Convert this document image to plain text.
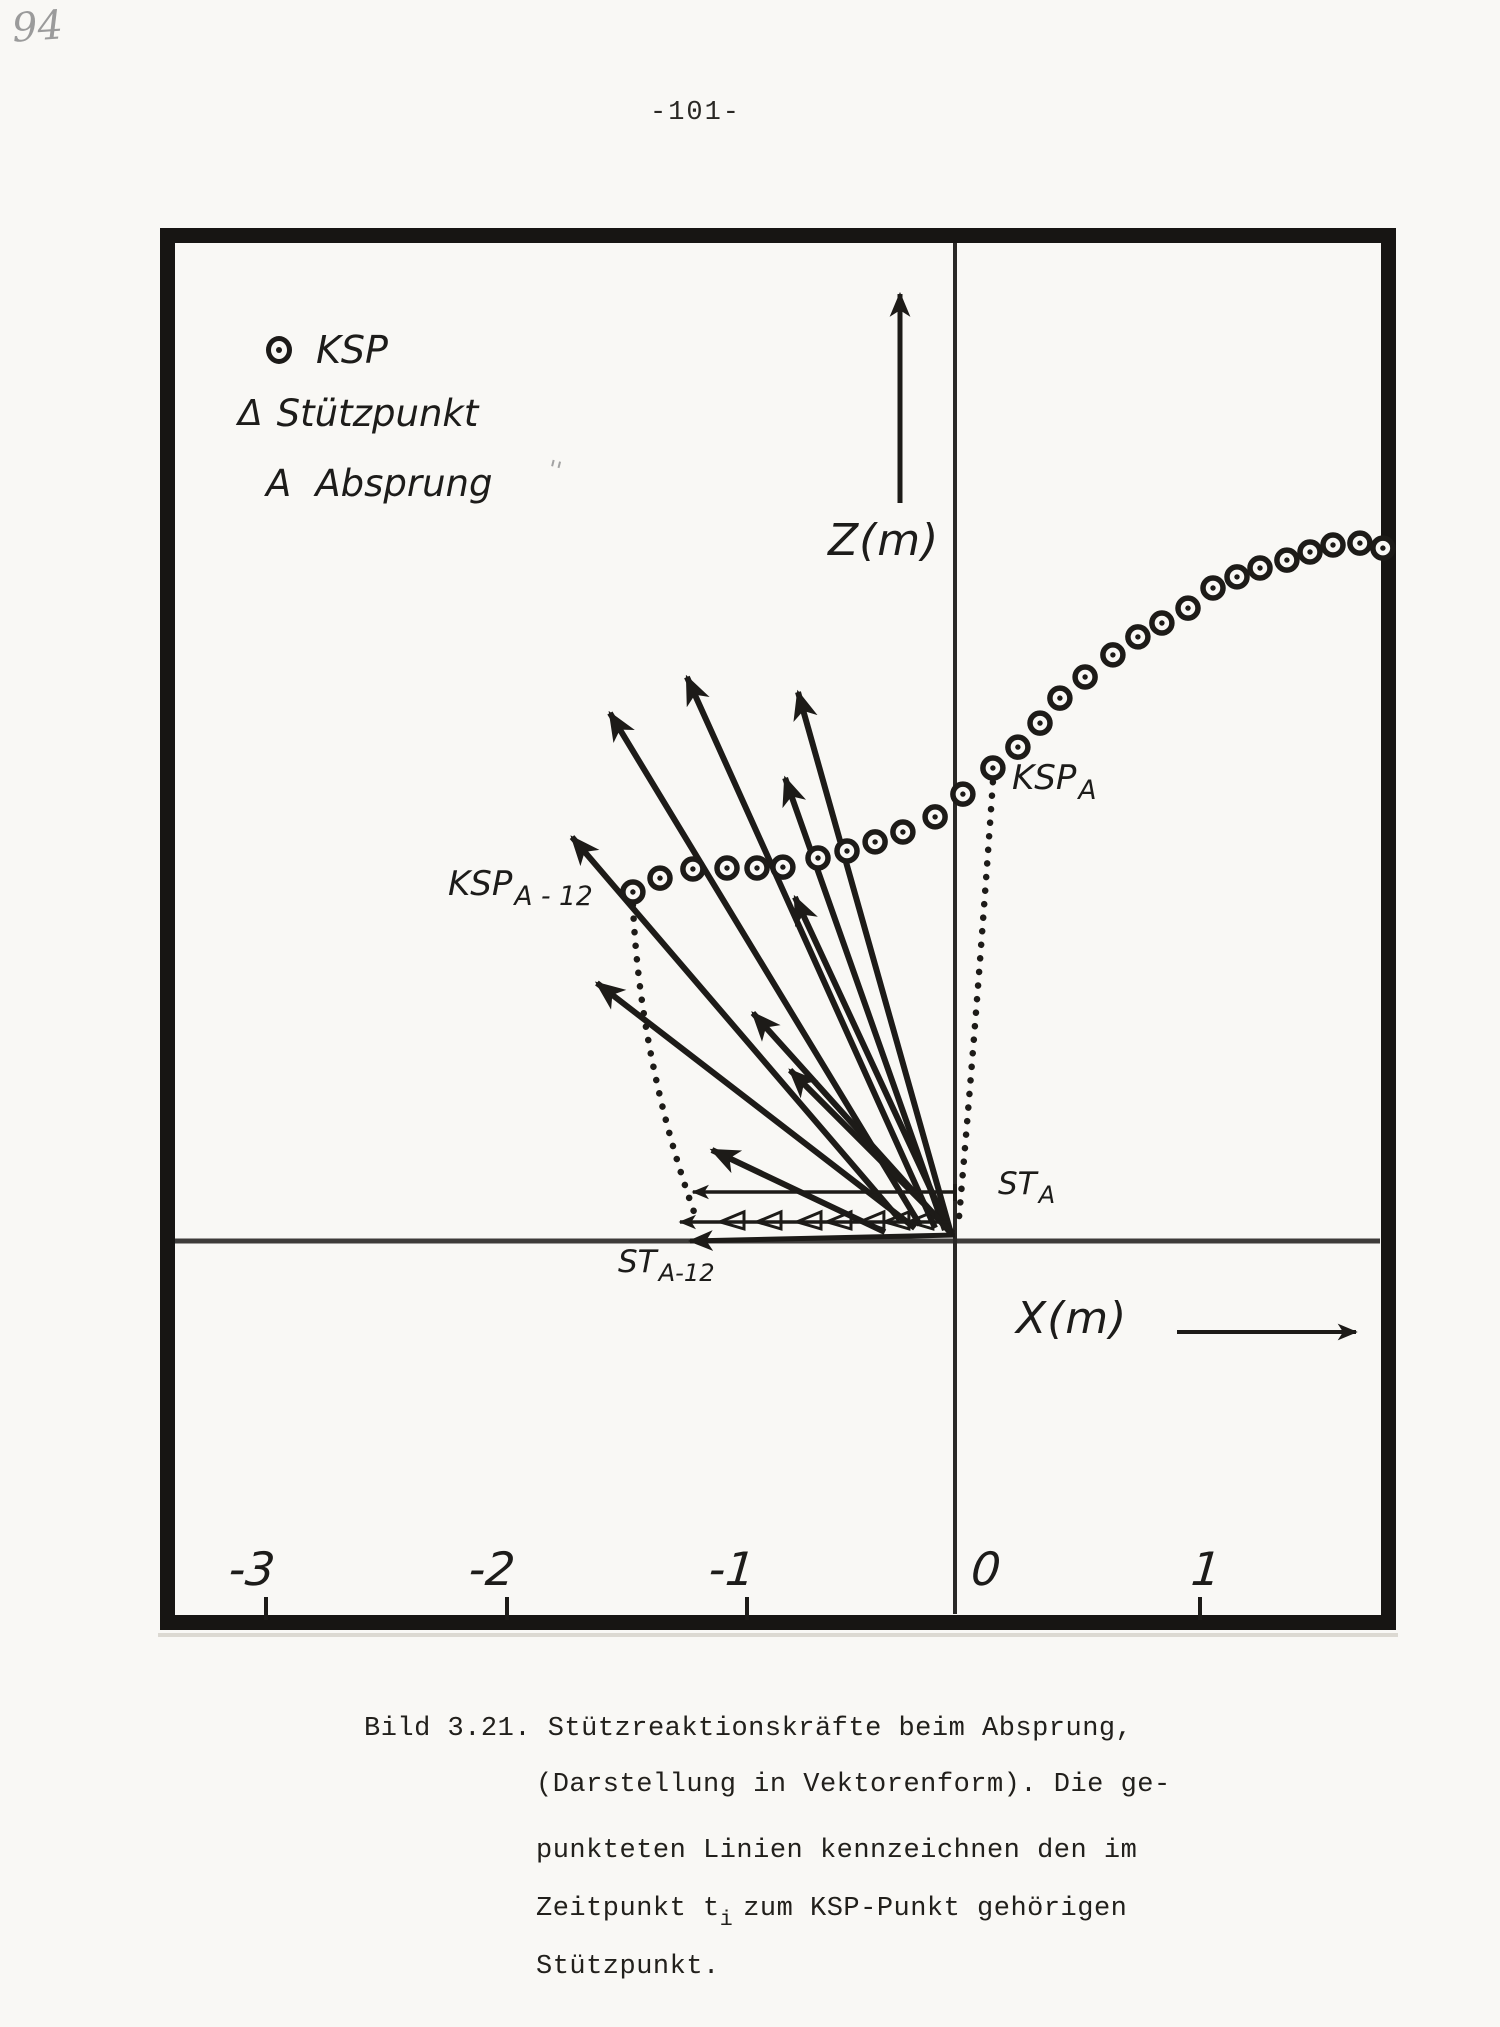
94
-101-
KSP
Δ Stützpunkt
A Absprung ''
Z(m)
X(m)
$KSP_A$
$KSP_{A - 12}$
$ST_A$
$ST_{A-12}$
-3	-2	-1	0	1
Bild 3.21. Stützreaktionskräfte beim Absprung,
(Darstellung in Vektorenform). Die ge-
punkteten Linien kennzeichnen den im
Zeitpunkt $t_i$ zum KSP-Punkt gehörigen
Stützpunkt.
